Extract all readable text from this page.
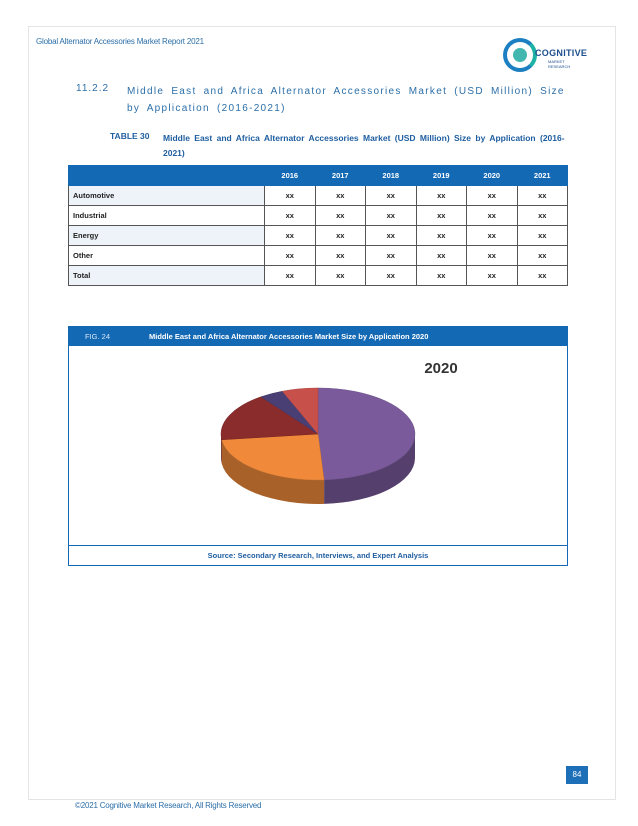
Global Alternator Accessories Market Report 2021
COGNITIVE
MARKET
RESEARCH
11.2.2 Middle East and Africa Alternator Accessories Market (USD Million) Size by Application (2016-2021)
TABLE 30 Middle East and Africa Alternator Accessories Market (USD Million) Size by Application (2016-2021)
	2016	2017	2018	2019	2020	2021
Automotive	xx	xx	xx	xx	xx	xx
Industrial	xx	xx	xx	xx	xx	xx
Energy	xx	xx	xx	xx	xx	xx
Other	xx	xx	xx	xx	xx	xx
Total	xx	xx	xx	xx	xx	xx
FIG. 24	Middle East and Africa Alternator Accessories Market Size by Application 2020
2020
Source: Secondary Research, Interviews, and Expert Analysis
84
©2021 Cognitive Market Research, All Rights Reserved
